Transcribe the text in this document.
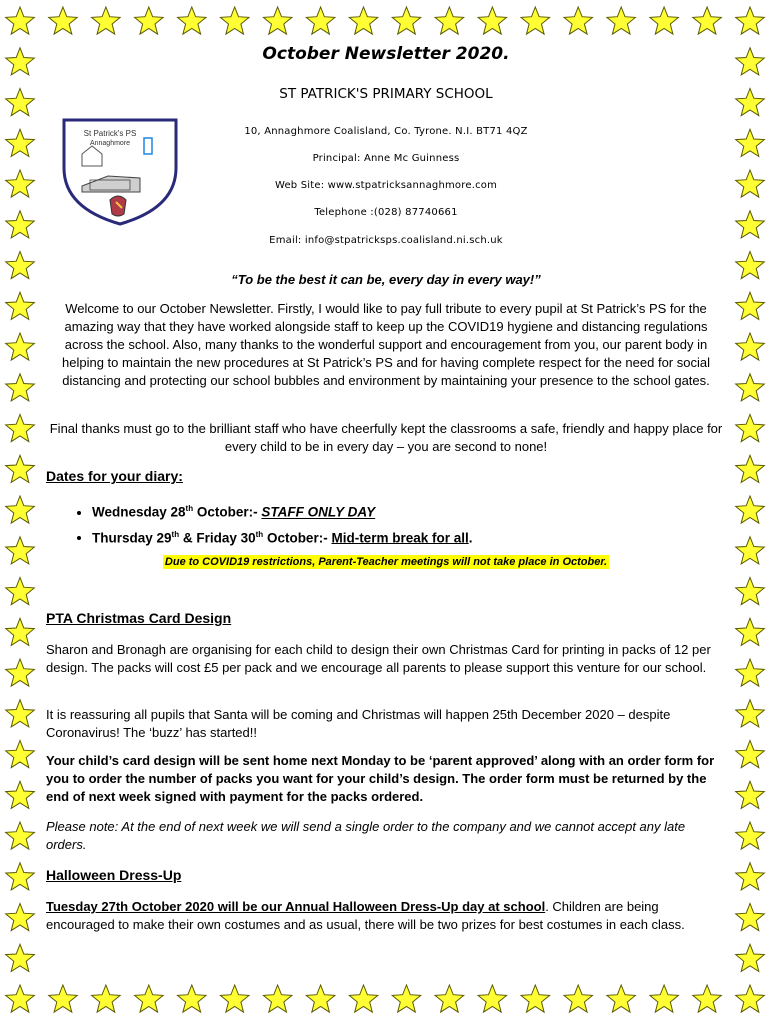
October Newsletter 2020.
ST PATRICK'S PRIMARY SCHOOL
St Patrick's PS
Annaghmore
10, Annaghmore Coalisland, Co. Tyrone. N.I. BT71 4QZ
Principal: Anne Mc Guinness
Web Site: www.stpatricksannaghmore.com
Telephone :(028) 87740661
Email: info@stpatricksps.coalisland.ni.sch.uk
“To be the best it can be, every day in every way!”
Welcome to our October Newsletter. Firstly, I would like to pay full tribute to every pupil at St Patrick’s PS for the amazing way that they have worked alongside staff to keep up the COVID19 hygiene and distancing regulations across the school. Also, many thanks to the wonderful support and encouragement from you, our parent body in helping to maintain the new procedures at St Patrick’s PS and for having complete respect for the need for social distancing and protecting our school bubbles and environment by maintaining your presence to the school gates.
Final thanks must go to the brilliant staff who have cheerfully kept the classrooms a safe, friendly and happy place for every child to be in every day – you are second to none!
Dates for your diary:
• Wednesday 28th October:- STAFF ONLY DAY
• Thursday 29th & Friday 30th October:- Mid-term break for all.
Due to COVID19 restrictions, Parent-Teacher meetings will not take place in October.
PTA Christmas Card Design
Sharon and Bronagh are organising for each child to design their own Christmas Card for printing in packs of 12 per design. The packs will cost £5 per pack and we encourage all parents to please support this venture for our school.
It is reassuring all pupils that Santa will be coming and Christmas will happen 25th December 2020 – despite Coronavirus! The ‘buzz’ has started!!
Your child’s card design will be sent home next Monday to be ‘parent approved’ along with an order form for you to order the number of packs you want for your child’s design. The order form must be returned by the end of next week signed with payment for the packs ordered.
Please note: At the end of next week we will send a single order to the company and we cannot accept any late orders.
Halloween Dress-Up
Tuesday 27th October 2020 will be our Annual Halloween Dress-Up day at school. Children are being encouraged to make their own costumes and as usual, there will be two prizes for best costumes in each class.
